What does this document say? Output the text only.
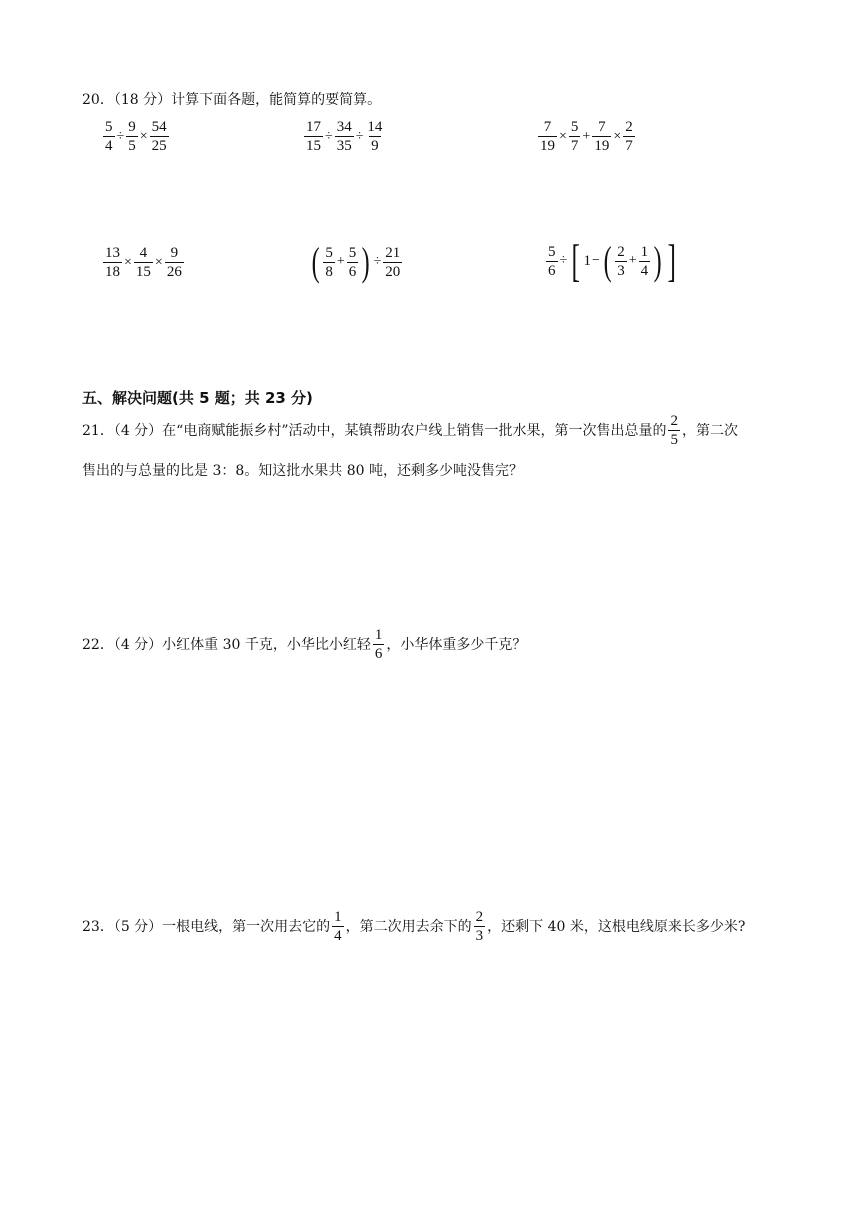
20．（18 分）计算下面各题，能简算的要简算。
$\frac{5}{4} \div \frac{9}{5} \times \frac{54}{25}$	$\frac{17}{15} \div \frac{34}{35} \div \frac{14}{9}$	$\frac{7}{19} \times \frac{5}{7} + \frac{7}{19} \times \frac{2}{7}$
$\frac{13}{18} \times \frac{4}{15} \times \frac{9}{26}$	( $\frac{5}{8} + \frac{5}{6}$ ) ÷ $\frac{21}{20}$	$\frac{5}{6}$ ÷ [ 1 − ( $\frac{2}{3} + \frac{1}{4}$ ) ]
五、解决问题(共 5 题；共 23 分)
21．（4 分）在“电商赋能振乡村”活动中，某镇帮助农户线上销售一批水果，第一次售出总量的 $\frac{2}{5}$ ，第二次
售出的与总量的比是 3：8。知这批水果共 80 吨，还剩多少吨没售完？
22．（4 分）小红体重 30 千克，小华比小红轻 $\frac{1}{6}$ ，小华体重多少千克？
23．（5 分）一根电线，第一次用去它的 $\frac{1}{4}$ ，第二次用去余下的 $\frac{2}{3}$ ，还剩下 40 米，这根电线原来长多少米?
